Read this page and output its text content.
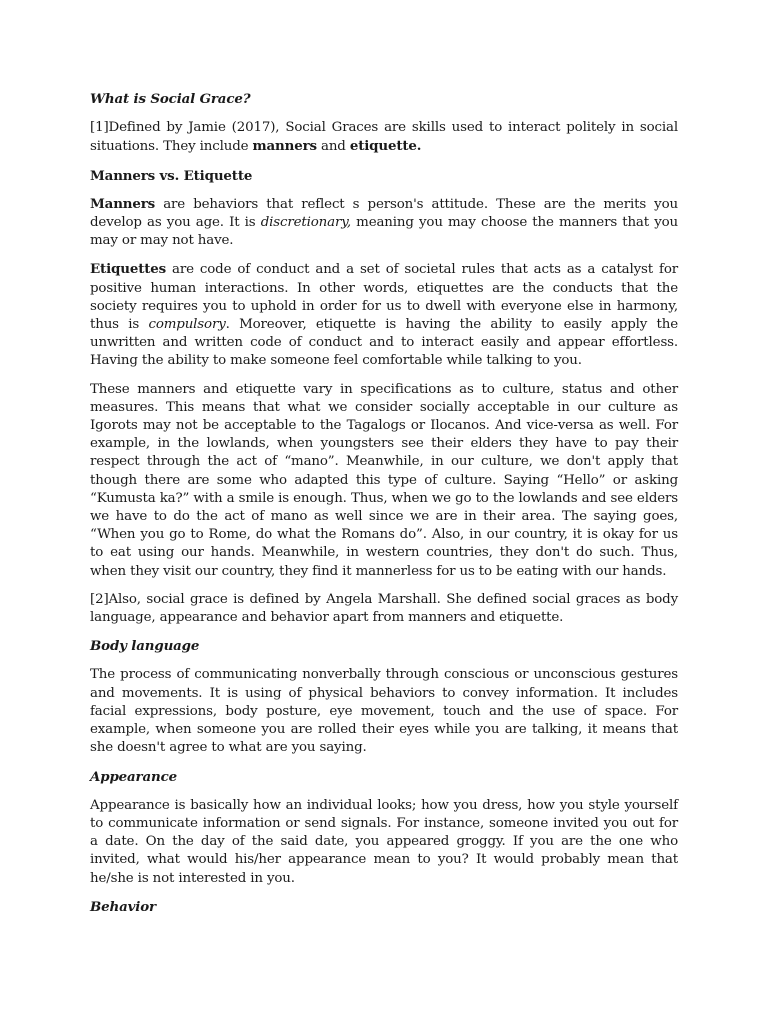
What is Social Grace?

[1]Defined by Jamie (2017), Social Graces are skills used to interact politely in social situations. They include manners and etiquette.

Manners vs. Etiquette

Manners are behaviors that reflect s person's attitude. These are the merits you develop as you age. It is discretionary, meaning you may choose the manners that you may or may not have.

Etiquettes are code of conduct and a set of societal rules that acts as a catalyst for positive human interactions. In other words, etiquettes are the conducts that the society requires you to uphold in order for us to dwell with everyone else in harmony, thus is compulsory. Moreover, etiquette is having the ability to easily apply the unwritten and written code of conduct and to interact easily and appear effortless. Having the ability to make someone feel comfortable while talking to you.

These manners and etiquette vary in specifications as to culture, status and other measures. This means that what we consider socially acceptable in our culture as Igorots may not be acceptable to the Tagalogs or Ilocanos. And vice-versa as well. For example, in the lowlands, when youngsters see their elders they have to pay their respect through the act of “mano”. Meanwhile, in our culture, we don't apply that though there are some who adapted this type of culture. Saying “Hello” or asking “Kumusta ka?” with a smile is enough. Thus, when we go to the lowlands and see elders we have to do the act of mano as well since we are in their area. The saying goes, “When you go to Rome, do what the Romans do”. Also, in our country, it is okay for us to eat using our hands. Meanwhile, in western countries, they don't do such. Thus, when they visit our country, they find it mannerless for us to be eating with our hands.

[2]Also, social grace is defined by Angela Marshall. She defined social graces as body language, appearance and behavior apart from manners and etiquette.

Body language

The process of communicating nonverbally through conscious or unconscious gestures and movements. It is using of physical behaviors to convey information. It includes facial expressions, body posture, eye movement, touch and the use of space. For example, when someone you are rolled their eyes while you are talking, it means that she doesn't agree to what are you saying.

Appearance

Appearance is basically how an individual looks; how you dress, how you style yourself to communicate information or send signals. For instance, someone invited you out for a date. On the day of the said date, you appeared groggy. If you are the one who invited, what would his/her appearance mean to you? It would probably mean that he/she is not interested in you.

Behavior
